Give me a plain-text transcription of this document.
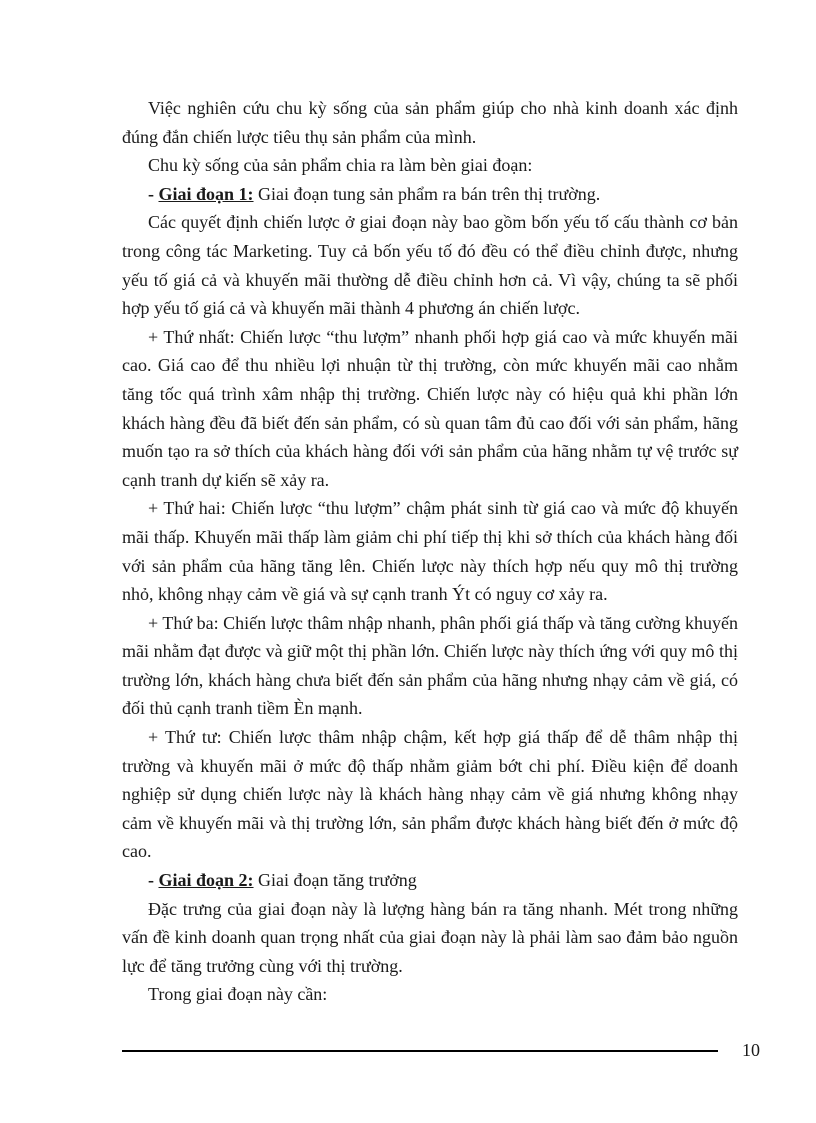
Việc nghiên cứu chu kỳ sống của sản phẩm giúp cho nhà kinh doanh xác định đúng đắn chiến lược tiêu thụ sản phẩm của mình.

Chu kỳ sống của sản phẩm chia ra làm bèn giai đoạn:

- Giai đoạn 1: Giai đoạn tung sản phẩm ra bán trên thị trường.

Các quyết định chiến lược ở giai đoạn này bao gồm bốn yếu tố cấu thành cơ bản trong công tác Marketing. Tuy cả bốn yếu tố đó đều có thể điều chỉnh được, nhưng yếu tố giá cả và khuyến mãi thường dễ điều chỉnh hơn cả. Vì vậy, chúng ta sẽ phối hợp yếu tố giá cả và khuyến mãi thành 4 phương án chiến lược.

+ Thứ nhất: Chiến lược “thu lượm” nhanh phối hợp giá cao và mức khuyến mãi cao. Giá cao để thu nhiều lợi nhuận từ thị trường, còn mức khuyến mãi cao nhằm tăng tốc quá trình xâm nhập thị trường. Chiến lược này có hiệu quả khi phần lớn khách hàng đều đã biết đến sản phẩm, có sù quan tâm đủ cao đối với sản phẩm, hãng muốn tạo ra sở thích của khách hàng đối với sản phẩm của hãng nhằm tự vệ trước sự cạnh tranh dự kiến sẽ xảy ra.

+ Thứ hai: Chiến lược “thu lượm” chậm phát sinh từ giá cao và mức độ khuyến mãi thấp. Khuyến mãi thấp làm giảm chi phí tiếp thị khi sở thích của khách hàng đối với sản phẩm của hãng tăng lên. Chiến lược này thích hợp nếu quy mô thị trường nhỏ, không nhạy cảm về giá và sự cạnh tranh Ýt có nguy cơ xảy ra.

+ Thứ ba: Chiến lược thâm nhập nhanh, phân phối giá thấp và tăng cường khuyến mãi nhằm đạt được và giữ một thị phần lớn. Chiến lược này thích ứng với quy mô thị trường lớn, khách hàng chưa biết đến sản phẩm của hãng nhưng nhạy cảm về giá, có đối thủ cạnh tranh tiềm Èn mạnh.

+ Thứ tư: Chiến lược thâm nhập chậm, kết hợp giá thấp để dễ thâm nhập thị trường và khuyến mãi ở mức độ thấp nhằm giảm bớt chi phí. Điều kiện để doanh nghiệp sử dụng chiến lược này là khách hàng nhạy cảm về giá nhưng không nhạy cảm về khuyến mãi và thị trường lớn, sản phẩm được khách hàng biết đến ở mức độ cao.

- Giai đoạn 2: Giai đoạn tăng trưởng

Đặc trưng của giai đoạn này là lượng hàng bán ra tăng nhanh. Mét trong những vấn đề kinh doanh quan trọng nhất của giai đoạn này là phải làm sao đảm bảo nguồn lực để tăng trưởng cùng với thị trường.

Trong giai đoạn này cần:

10
